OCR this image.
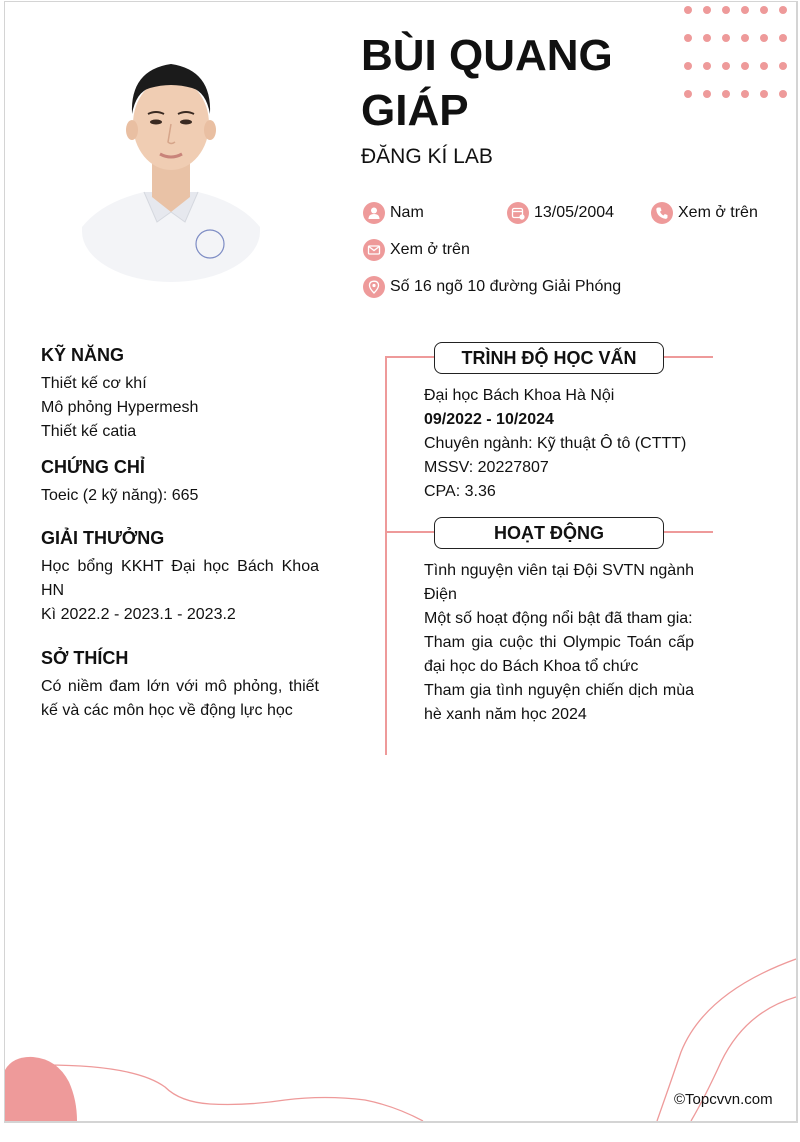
BÙI QUANG GIÁP
ĐĂNG KÍ LAB
Nam	13/05/2004	Xem ở trên
Xem ở trên
Số 16 ngõ 10 đường Giải Phóng
KỸ NĂNG
Thiết kế cơ khí
Mô phỏng Hypermesh
Thiết kế catia
CHỨNG CHỈ
Toeic (2 kỹ năng): 665
GIẢI THƯỞNG
Học bổng KKHT Đại học Bách Khoa HN
Kì 2022.2 - 2023.1 - 2023.2
SỞ THÍCH
Có niềm đam lớn với mô phỏng, thiết kế và các môn học về động lực học
TRÌNH ĐỘ HỌC VẤN
Đại học Bách Khoa Hà Nội
09/2022 - 10/2024
Chuyên ngành: Kỹ thuật Ô tô (CTTT)
MSSV: 20227807
CPA: 3.36
HOẠT ĐỘNG
Tình nguyện viên tại Đội SVTN ngành Điện
Một số hoạt động nổi bật đã tham gia:
Tham gia cuộc thi Olympic Toán cấp đại học do Bách Khoa tổ chức
Tham gia tình nguyện chiến dịch mùa hè xanh năm học 2024
©Topcvvn.com
